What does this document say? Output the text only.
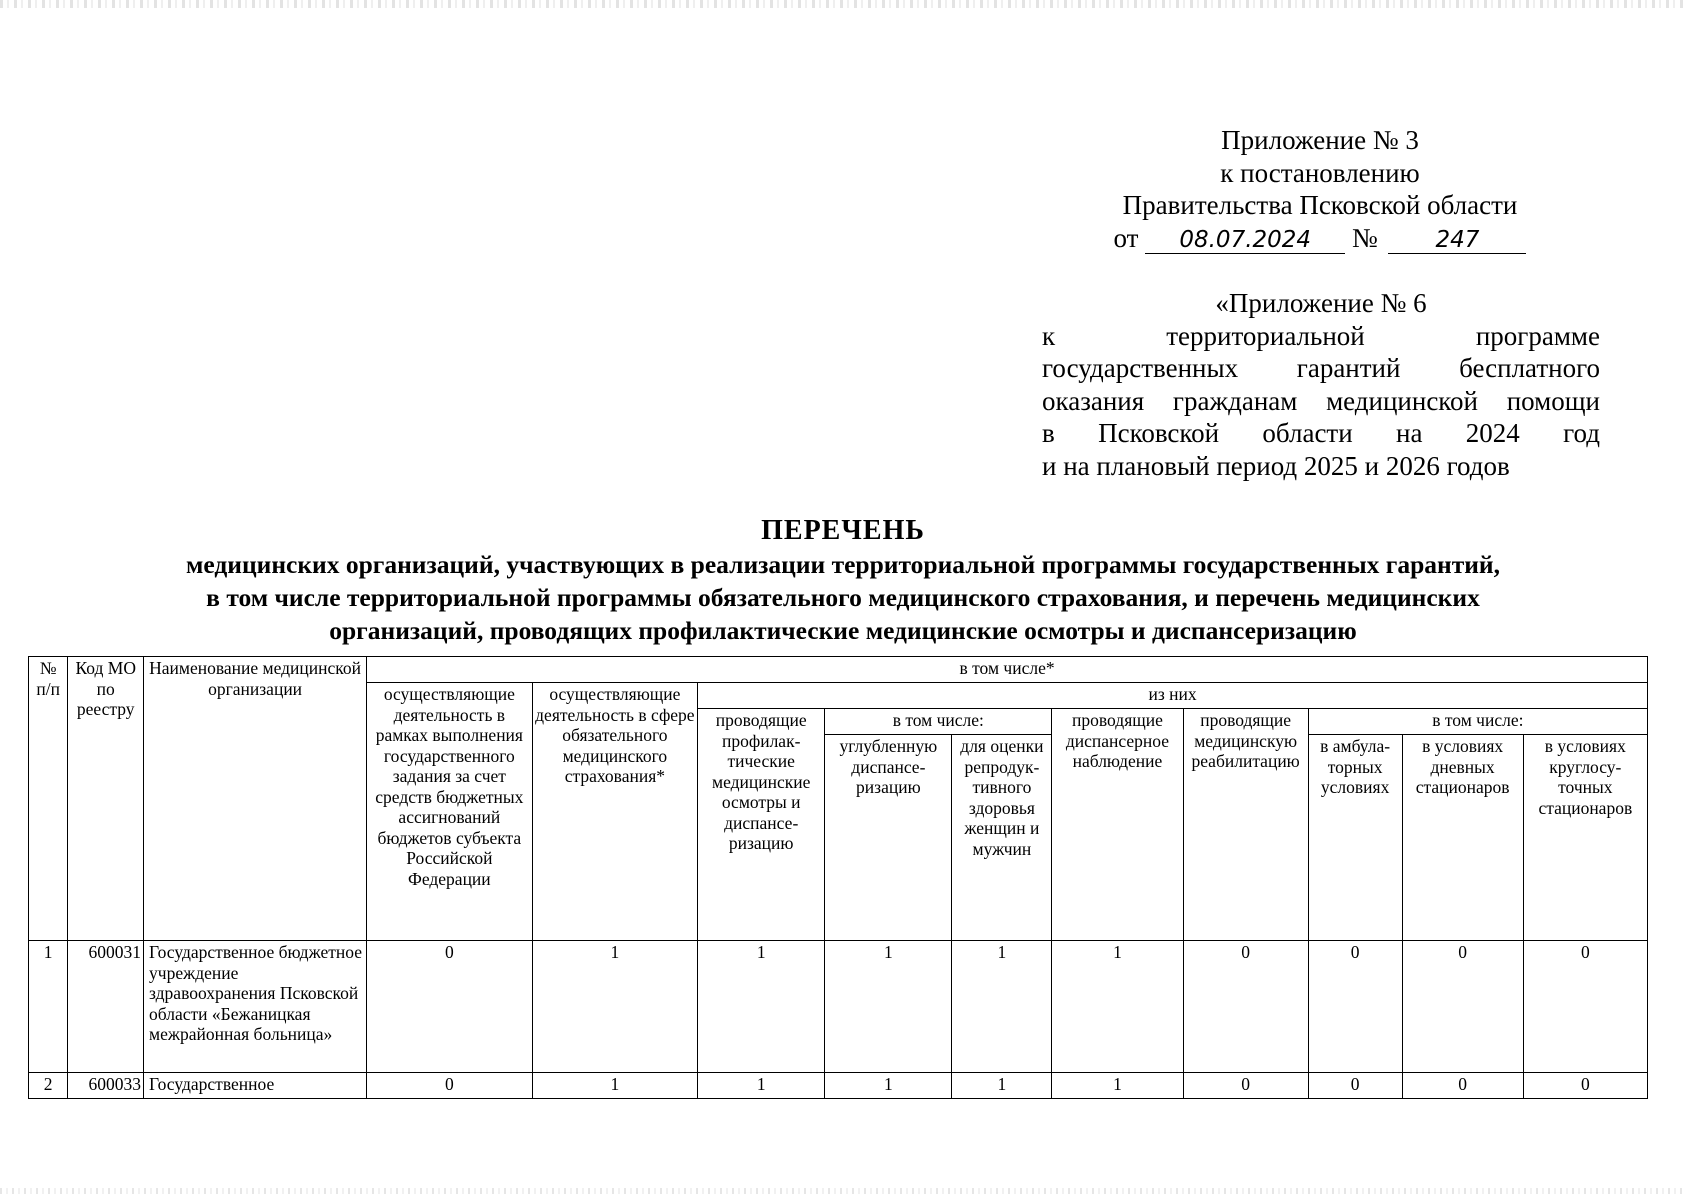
Приложение № 3
к постановлению
Правительства Псковской области
от 08.07.2024 №	247
«Приложение № 6
к территориальной программе
государственных гарантий бесплатного
оказания гражданам медицинской помощи
в Псковской области на 2024 год
и на плановый период 2025 и 2026 годов
ПЕРЕЧЕНЬ
медицинских организаций, участвующих в реализации территориальной программы государственных гарантий,
в том числе территориальной программы обязательного медицинского страхования, и перечень медицинских
организаций, проводящих профилактические медицинские осмотры и диспансеризацию
№ п/п	Код МО по реестру	Наименование медицинской организации	в том числе*									
			осуществляющие деятельность в рамках выполнения государственного задания за счет средств бюджетных ассигнований бюджетов субъекта Российской Федерации	осуществляющие деятельность в сфере обязательного медицинского страхования*	из них							
					проводящие профилактические медицинские осмотры и диспансеризацию	в том числе:		проводящие диспансерное наблюдение	проводящие медицинскую реабилитацию	в том числе:		
						углубленную диспансеризацию	для оценки репродуктивного здоровья женщин и мужчин			в амбулаторных условиях	в условиях дневных стационаров	в условиях круглосуточных стационаров
1	600031	Государственное бюджетное учреждение здравоохранения Псковской области «Бежаницкая межрайонная больница»	0	1	1	1	1	1	0	0	0	0
2	600033	Государственное	0	1	1	1	1	1	0	0	0	0
